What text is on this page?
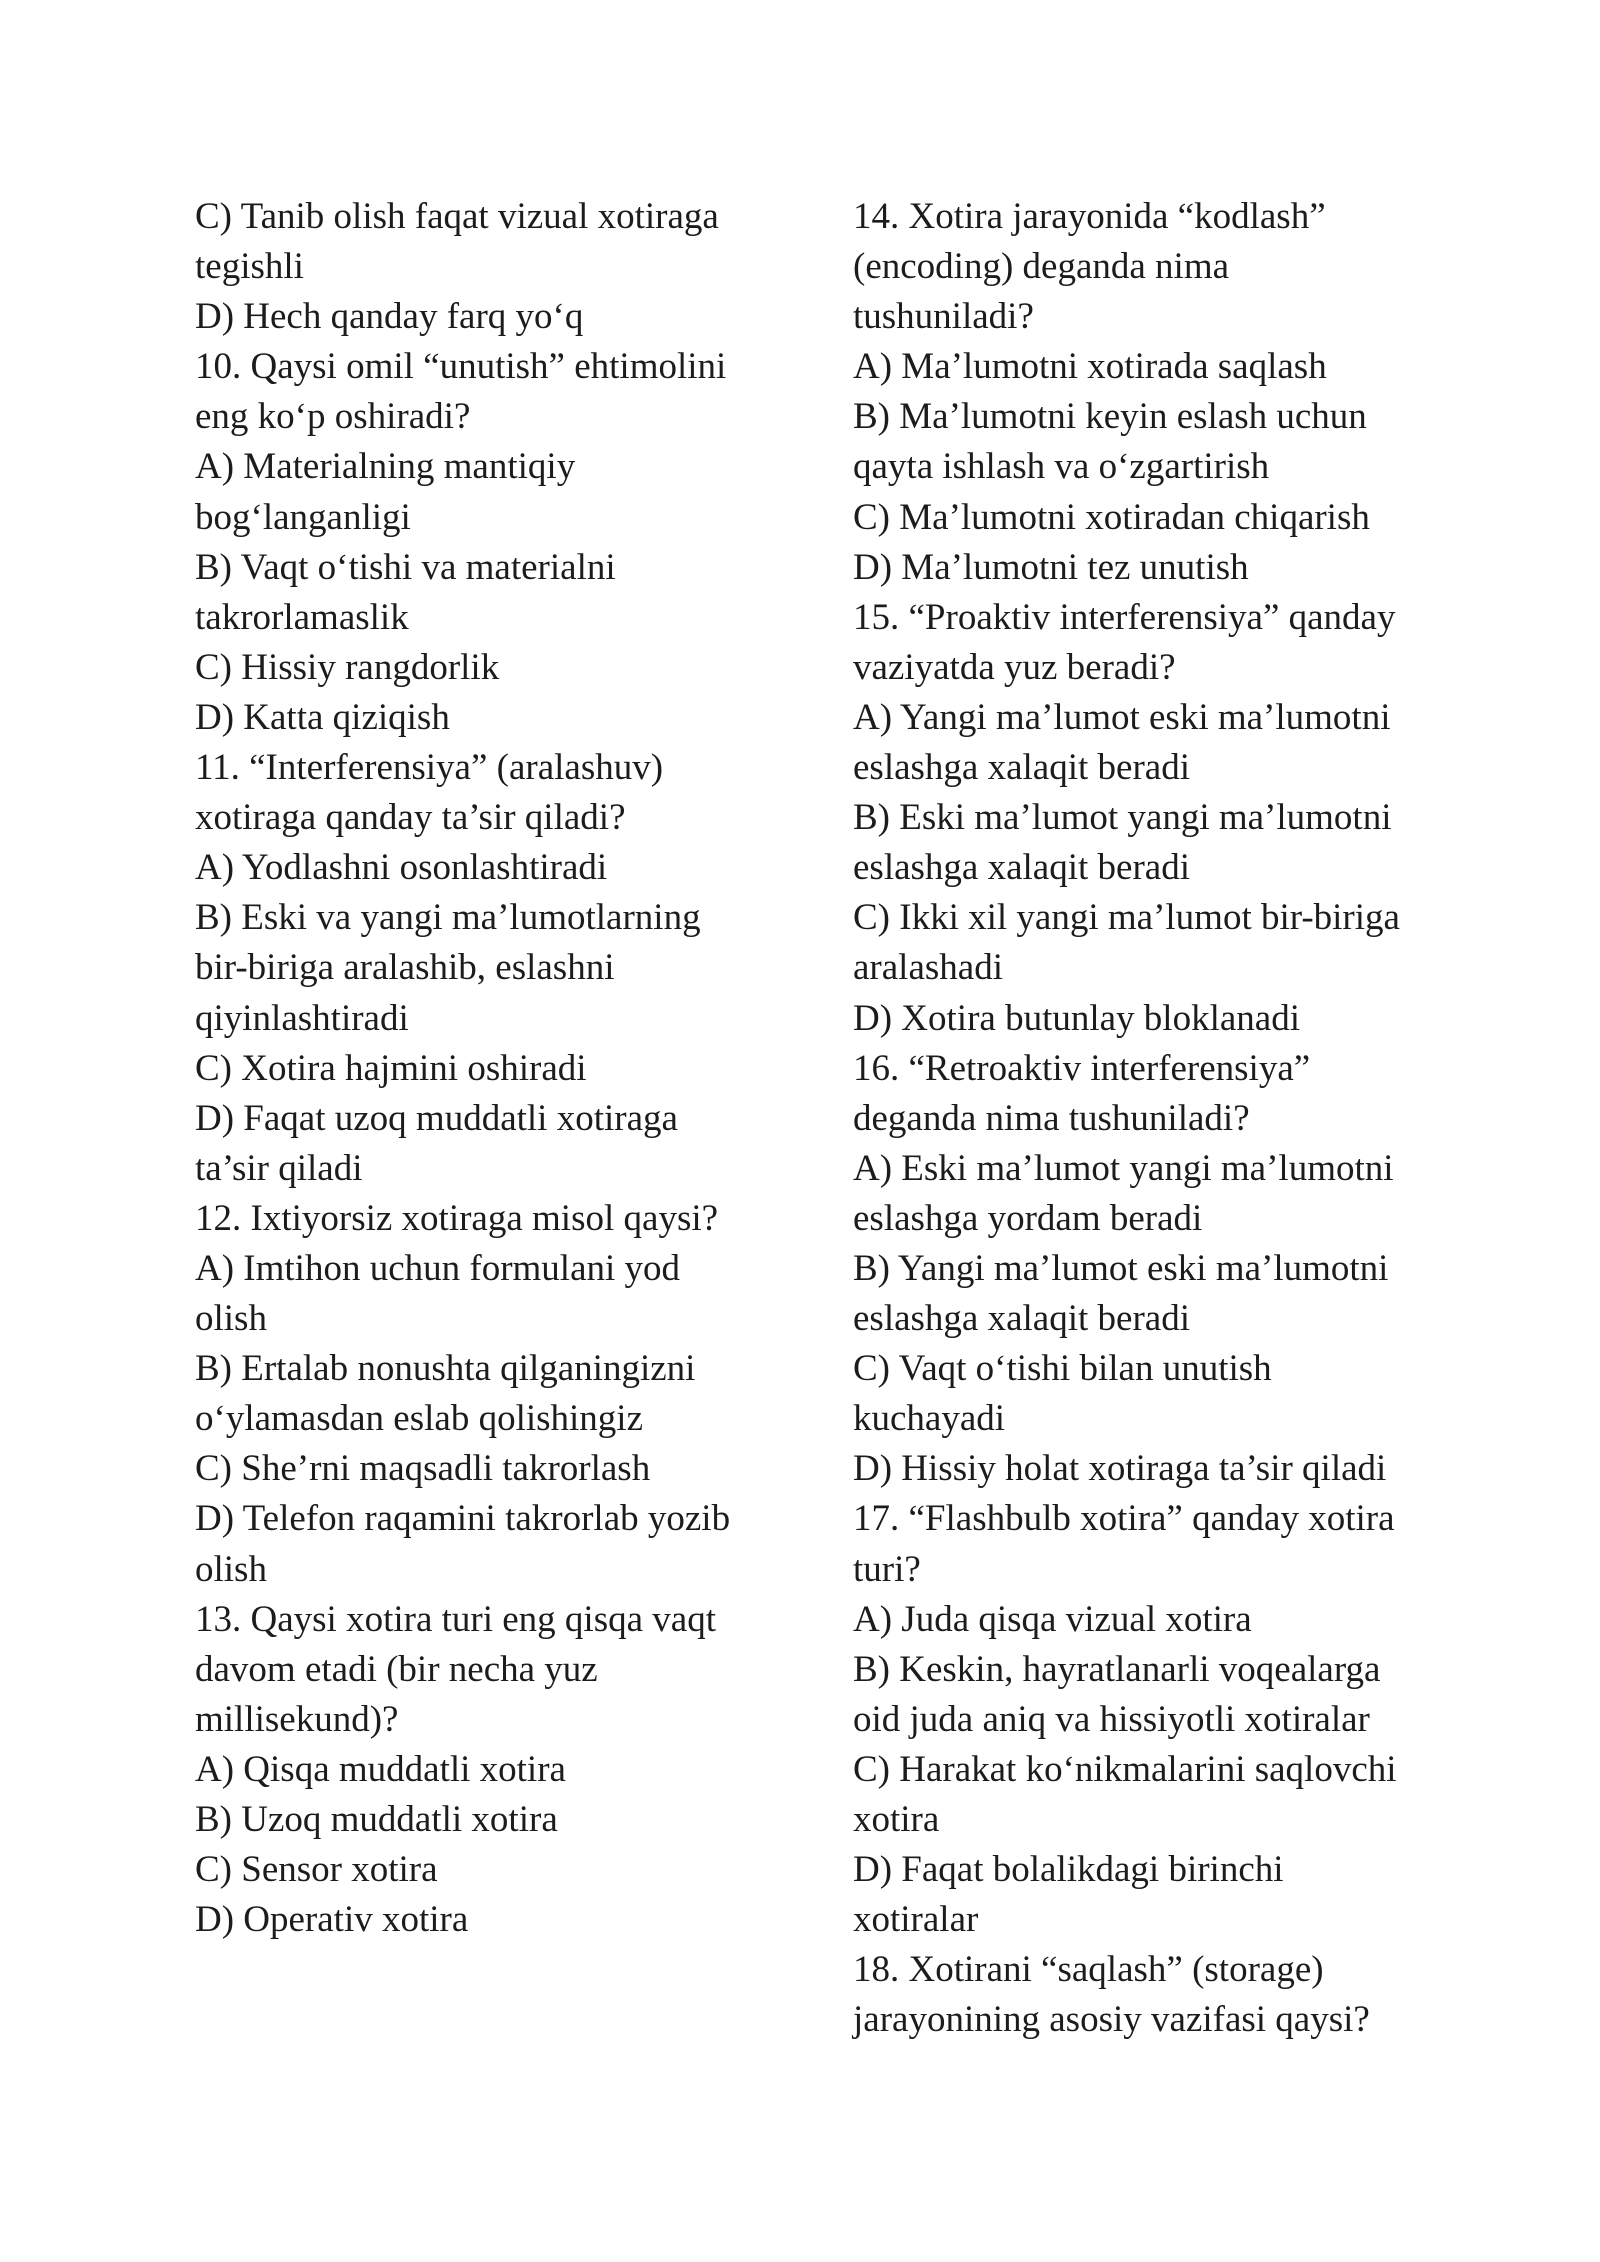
C) Tanib olish faqat vizual xotiraga

tegishli

D) Hech qanday farq yo‘q

10. Qaysi omil “unutish” ehtimolini

eng ko‘p oshiradi?

A) Materialning mantiqiy

bog‘langanligi

B) Vaqt o‘tishi va materialni

takrorlamaslik

C) Hissiy rangdorlik

D) Katta qiziqish

11. “Interferensiya” (aralashuv)

xotiraga qanday ta’sir qiladi?

A) Yodlashni osonlashtiradi

B) Eski va yangi ma’lumotlarning

bir-biriga aralashib, eslashni

qiyinlashtiradi

C) Xotira hajmini oshiradi

D) Faqat uzoq muddatli xotiraga

ta’sir qiladi

12. Ixtiyorsiz xotiraga misol qaysi?

A) Imtihon uchun formulani yod

olish

B) Ertalab nonushta qilganingizni

o‘ylamasdan eslab qolishingiz

C) She’rni maqsadli takrorlash

D) Telefon raqamini takrorlab yozib

olish

13. Qaysi xotira turi eng qisqa vaqt

davom etadi (bir necha yuz

millisekund)?

A) Qisqa muddatli xotira

B) Uzoq muddatli xotira

C) Sensor xotira

D) Operativ xotira

14. Xotira jarayonida “kodlash”

(encoding) deganda nima

tushuniladi?

A) Ma’lumotni xotirada saqlash

B) Ma’lumotni keyin eslash uchun

qayta ishlash va o‘zgartirish

C) Ma’lumotni xotiradan chiqarish

D) Ma’lumotni tez unutish

15. “Proaktiv interferensiya” qanday

vaziyatda yuz beradi?

A) Yangi ma’lumot eski ma’lumotni

eslashga xalaqit beradi

B) Eski ma’lumot yangi ma’lumotni

eslashga xalaqit beradi

C) Ikki xil yangi ma’lumot bir-biriga

aralashadi

D) Xotira butunlay bloklanadi

16. “Retroaktiv interferensiya”

deganda nima tushuniladi?

A) Eski ma’lumot yangi ma’lumotni

eslashga yordam beradi

B) Yangi ma’lumot eski ma’lumotni

eslashga xalaqit beradi

C) Vaqt o‘tishi bilan unutish

kuchayadi

D) Hissiy holat xotiraga ta’sir qiladi

17. “Flashbulb xotira” qanday xotira

turi?

A) Juda qisqa vizual xotira

B) Keskin, hayratlanarli voqealarga

oid juda aniq va hissiyotli xotiralar

C) Harakat ko‘nikmalarini saqlovchi

xotira

D) Faqat bolalikdagi birinchi

xotiralar

18. Xotirani “saqlash” (storage)

jarayonining asosiy vazifasi qaysi?
